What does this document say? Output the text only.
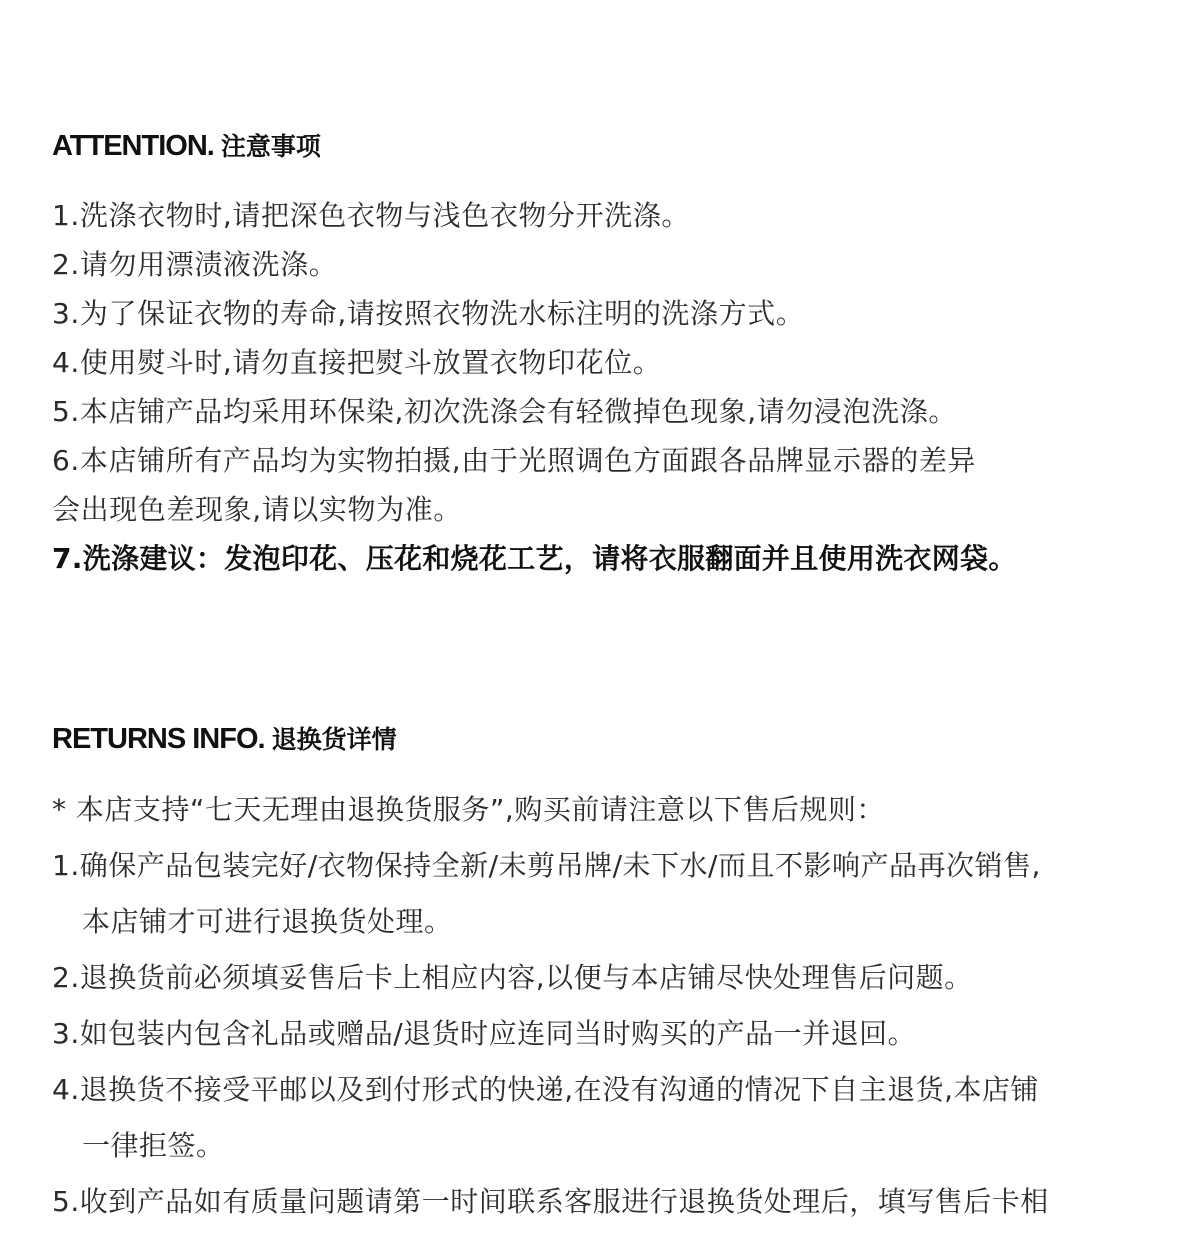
ATTENTION. 注意事项
1.洗涤衣物时,请把深色衣物与浅色衣物分开洗涤。
2.请勿用漂渍液洗涤。
3.为了保证衣物的寿命,请按照衣物洗水标注明的洗涤方式。
4.使用熨斗时,请勿直接把熨斗放置衣物印花位。
5.本店铺产品均采用环保染,初次洗涤会有轻微掉色现象,请勿浸泡洗涤。
6.本店铺所有产品均为实物拍摄,由于光照调色方面跟各品牌显示器的差异
会出现色差现象,请以实物为准。
7.洗涤建议：发泡印花、压花和烧花工艺，请将衣服翻面并且使用洗衣网袋。
RETURNS INFO. 退换货详情
* 本店支持“七天无理由退换货服务”,购买前请注意以下售后规则：
1.确保产品包装完好/衣物保持全新/未剪吊牌/未下水/而且不影响产品再次销售,
本店铺才可进行退换货处理。
2.退换货前必须填妥售后卡上相应内容,以便与本店铺尽快处理售后问题。
3.如包装内包含礼品或赠品/退货时应连同当时购买的产品一并退回。
4.退换货不接受平邮以及到付形式的快递,在没有沟通的情况下自主退货,本店铺
一律拒签。
5.收到产品如有质量问题请第一时间联系客服进行退换货处理后，填写售后卡相
